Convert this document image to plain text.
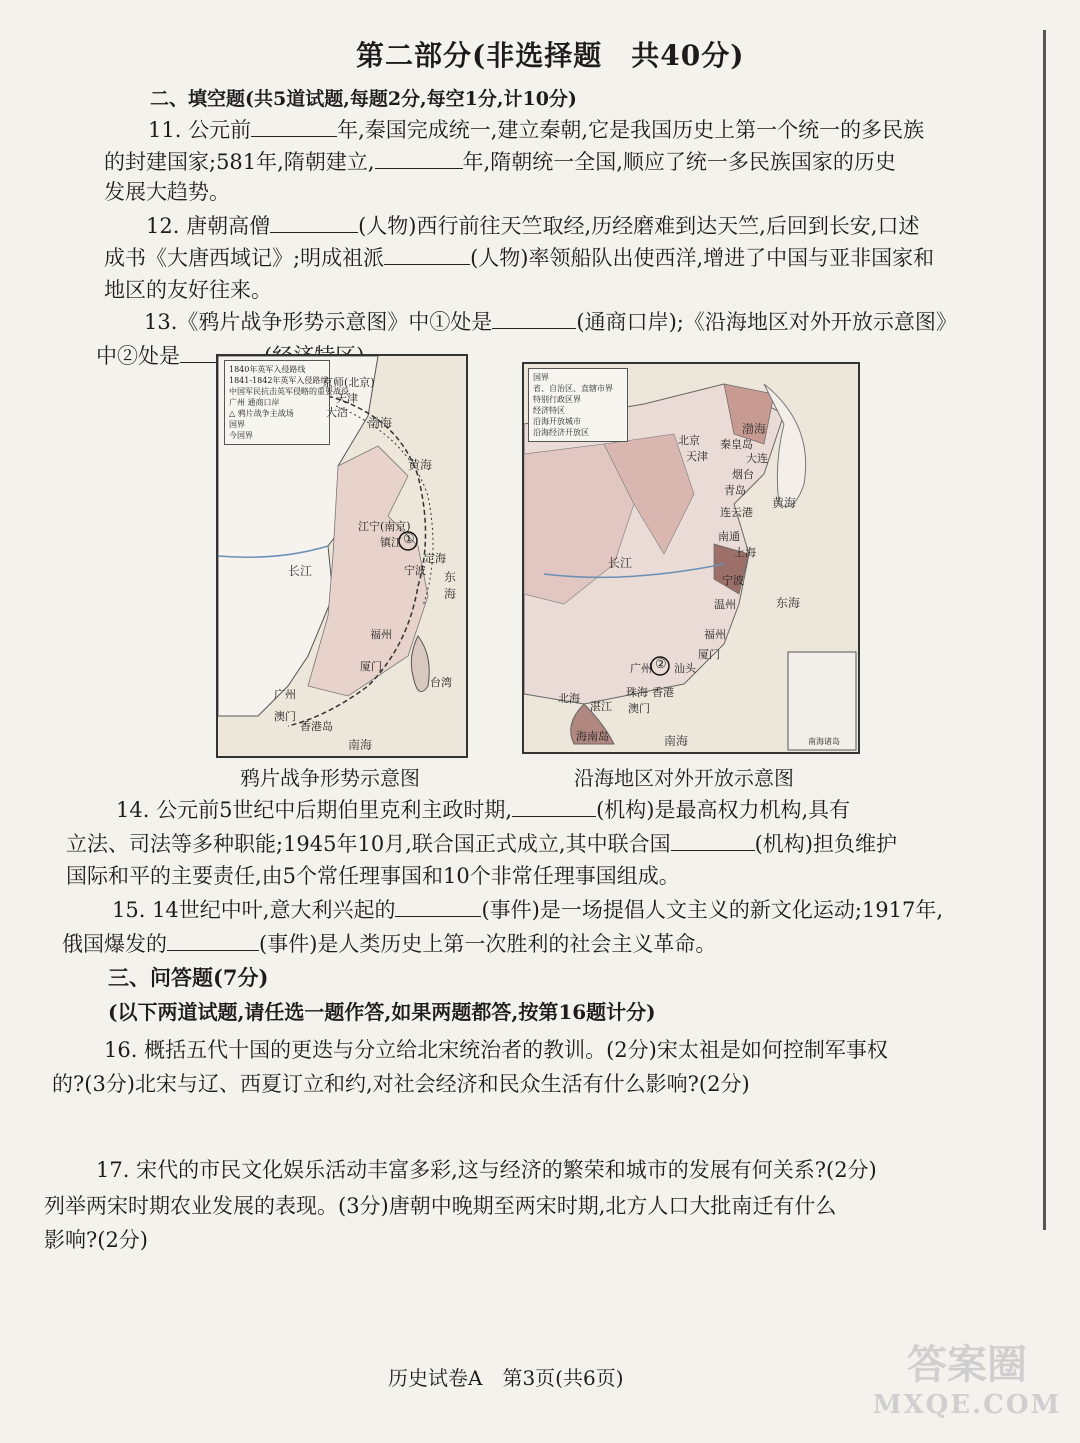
第二部分(非选择题　共40分)
二、填空题(共5道试题,每题2分,每空1分,计10分)
11. 公元前	年,秦国完成统一,建立秦朝,它是我国历史上第一个统一的多民族
的封建国家;581年,隋朝建立,	年,隋朝统一全国,顺应了统一多民族国家的历史
发展大趋势。
12. 唐朝高僧	(人物)西行前往天竺取经,历经磨难到达天竺,后回到长安,口述
成书《大唐西域记》;明成祖派	(人物)率领船队出使西洋,增进了中国与亚非国家和
地区的友好往来。
13.《鸦片战争形势示意图》中①处是	(通商口岸);《沿海地区对外开放示意图》
中②处是
1840年英军入侵路线
1841-1842年英军入侵路线
中国军民抗击英军侵略的重要战役
广州 通商口岸
△ 鸦片战争主战场
国界
今国界
京师(北京)
天津
大沽
江宁(南京)
镇江 ①
定海
宁波
福州
厦门
台湾
广州
澳门
香港岛
渤海
黄海
东海
南海
长江
鸦片战争形势示意图
国界
省、自治区、直辖市界
特别行政区界
经济特区
沿海开放城市
沿海经济开放区
北京
天津
秦皇岛
大连
烟台
青岛
连云港
南通
上海
宁波
温州
福州
厦门
汕头
广州 ②
珠海 香港
澳门
北海
湛江
海南岛
渤海
黄海
东海
南海
长江
南海诸岛
沿海地区对外开放示意图
14. 公元前5世纪中后期伯里克利主政时期,	(机构)是最高权力机构,具有
立法、司法等多种职能;1945年10月,联合国正式成立,其中联合国	(机构)担负维护
国际和平的主要责任,由5个常任理事国和10个非常任理事国组成。
15. 14世纪中叶,意大利兴起的	(事件)是一场提倡人文主义的新文化运动;1917年,
俄国爆发的	(事件)是人类历史上第一次胜利的社会主义革命。
三、问答题(7分)
(以下两道试题,请任选一题作答,如果两题都答,按第16题计分)
16. 概括五代十国的更迭与分立给北宋统治者的教训。(2分)宋太祖是如何控制军事权
的?(3分)北宋与辽、西夏订立和约,对社会经济和民众生活有什么影响?(2分)
17. 宋代的市民文化娱乐活动丰富多彩,这与经济的繁荣和城市的发展有何关系?(2分)
列举两宋时期农业发展的表现。(3分)唐朝中晚期至两宋时期,北方人口大批南迁有什么
影响?(2分)
历史试卷A　第3页(共6页)	答案圈
MXQE.COM
